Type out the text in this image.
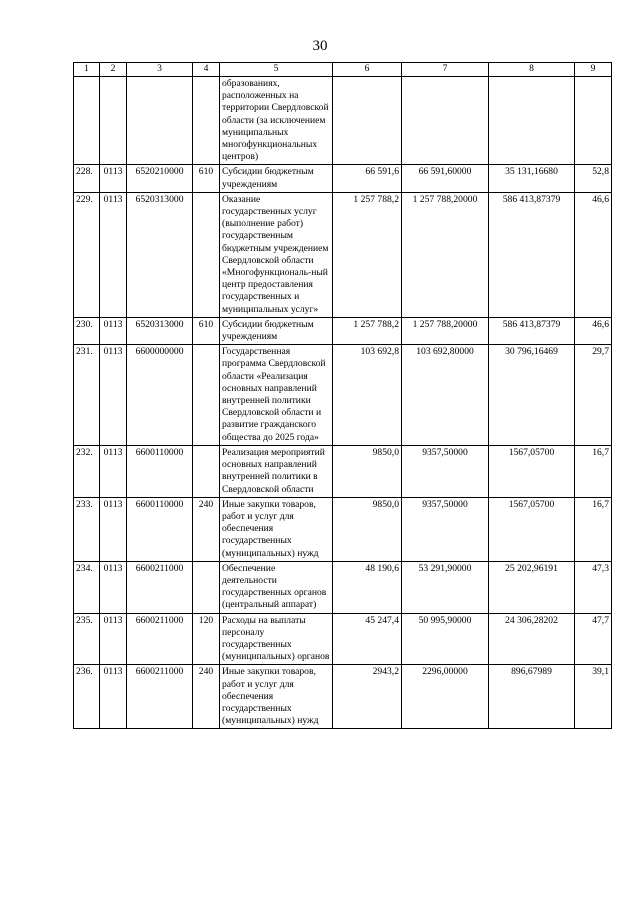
30
1	2	3	4	5	6	7	8	9
				образованиях, расположенных на территории Свердловской области (за исключением муниципальных многофункциональных центров)				
228.	0113	6520210000	610	Субсидии бюджетным учреждениям	66 591,6	66 591,60000	35 131,16680	52,8
229.	0113	6520313000		Оказание государственных услуг (выполнение работ) государственным бюджетным учреждением Свердловской области «Многофункциональ-ный центр предоставления государственных и муниципальных услуг»	1 257 788,2	1 257 788,20000	586 413,87379	46,6
230.	0113	6520313000	610	Субсидии бюджетным учреждениям	1 257 788,2	1 257 788,20000	586 413,87379	46,6
231.	0113	6600000000		Государственная программа Свердловской области «Реализация основных направлений внутренней политики Свердловской области и развитие гражданского общества до 2025 года»	103 692,8	103 692,80000	30 796,16469	29,7
232.	0113	6600110000		Реализация мероприятий основных направлений внутренней политики в Свердловской области	9850,0	9357,50000	1567,05700	16,7
233.	0113	6600110000	240	Иные закупки товаров, работ и услуг для обеспечения государственных (муниципальных) нужд	9850,0	9357,50000	1567,05700	16,7
234.	0113	6600211000		Обеспечение деятельности государственных органов (центральный аппарат)	48 190,6	53 291,90000	25 202,96191	47,3
235.	0113	6600211000	120	Расходы на выплаты персоналу государственных (муниципальных) органов	45 247,4	50 995,90000	24 306,28202	47,7
236.	0113	6600211000	240	Иные закупки товаров, работ и услуг для обеспечения государственных (муниципальных) нужд	2943,2	2296,00000	896,67989	39,1
